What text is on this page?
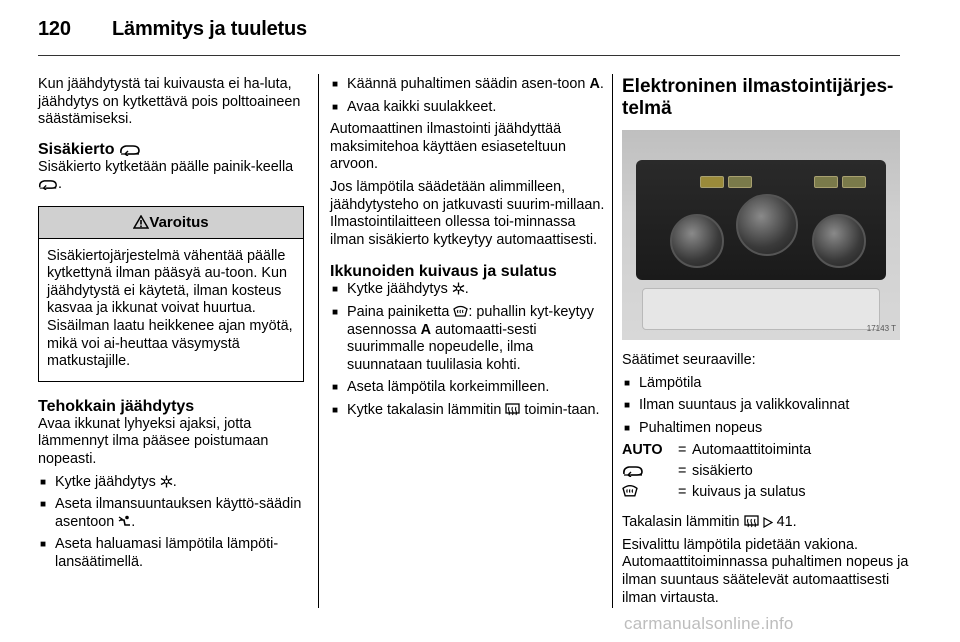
120 Lämmitys ja tuuletus

Kun jäähdytystä tai kuivausta ei ha-luta, jäähdytys on kytkettävä pois polttoaineen säästämiseksi.

Sisäkierto

Sisäkierto kytketään päälle painik-keella .

Varoitus
Sisäkiertojärjestelmä vähentää päälle kytkettynä ilman pääsyä au-toon. Kun jäähdytystä ei käytetä, ilman kosteus kasvaa ja ikkunat voivat huurtua. Sisäilman laatu heikkenee ajan myötä, mikä voi ai-heuttaa väsymystä matkustajille.
Tehokkain jäähdytys

Avaa ikkunat lyhyeksi ajaksi, jotta lämmennyt ilma pääsee poistumaan nopeasti.

■ Kytke jäähdytys .
■ Aseta ilmansuuntauksen käyttö-säädin asentoon .
■ Aseta haluamasi lämpötila lämpöti-lansäätimellä.
■ Käännä puhaltimen säädin asen-toon A.
■ Avaa kaikki suulakkeet.

Automaattinen ilmastointi jäähdyttää maksimitehoa käyttäen esiaseteltuun arvoon.

Jos lämpötila säädetään alimmilleen, jäähdytysteho on jatkuvasti suurim-millaan. Ilmastointilaitteen ollessa toi-minnassa ilman sisäkierto kytkeytyy automaattisesti.

Ikkunoiden kuivaus ja sulatus
■ Kytke jäähdytys .
■ Paina painiketta : puhallin kyt-keytyy asennossa A automaatti-sesti suurimmalle nopeudelle, ilma suunnataan tuulilasia kohti.
■ Aseta lämpötila korkeimmilleen.
■ Kytke takalasin lämmitin toimin-taan.
Elektroninen ilmastointijärjes-telmä
17143 T

Säätimet seuraaville:

■ Lämpötila
■ Ilman suuntaus ja valikkovalinnat
■ Puhaltimen nopeus
AUTO	=	Automaattitoiminta
	=	sisäkierto
	=	kuivaus ja sulatus

Takalasin lämmitin	41.

Esivalittu lämpötila pidetään vakiona. Automaattitoiminnassa puhaltimen nopeus ja ilman suuntaus säätelevät automaattisesti ilman virtausta.

carmanualsonline.info
